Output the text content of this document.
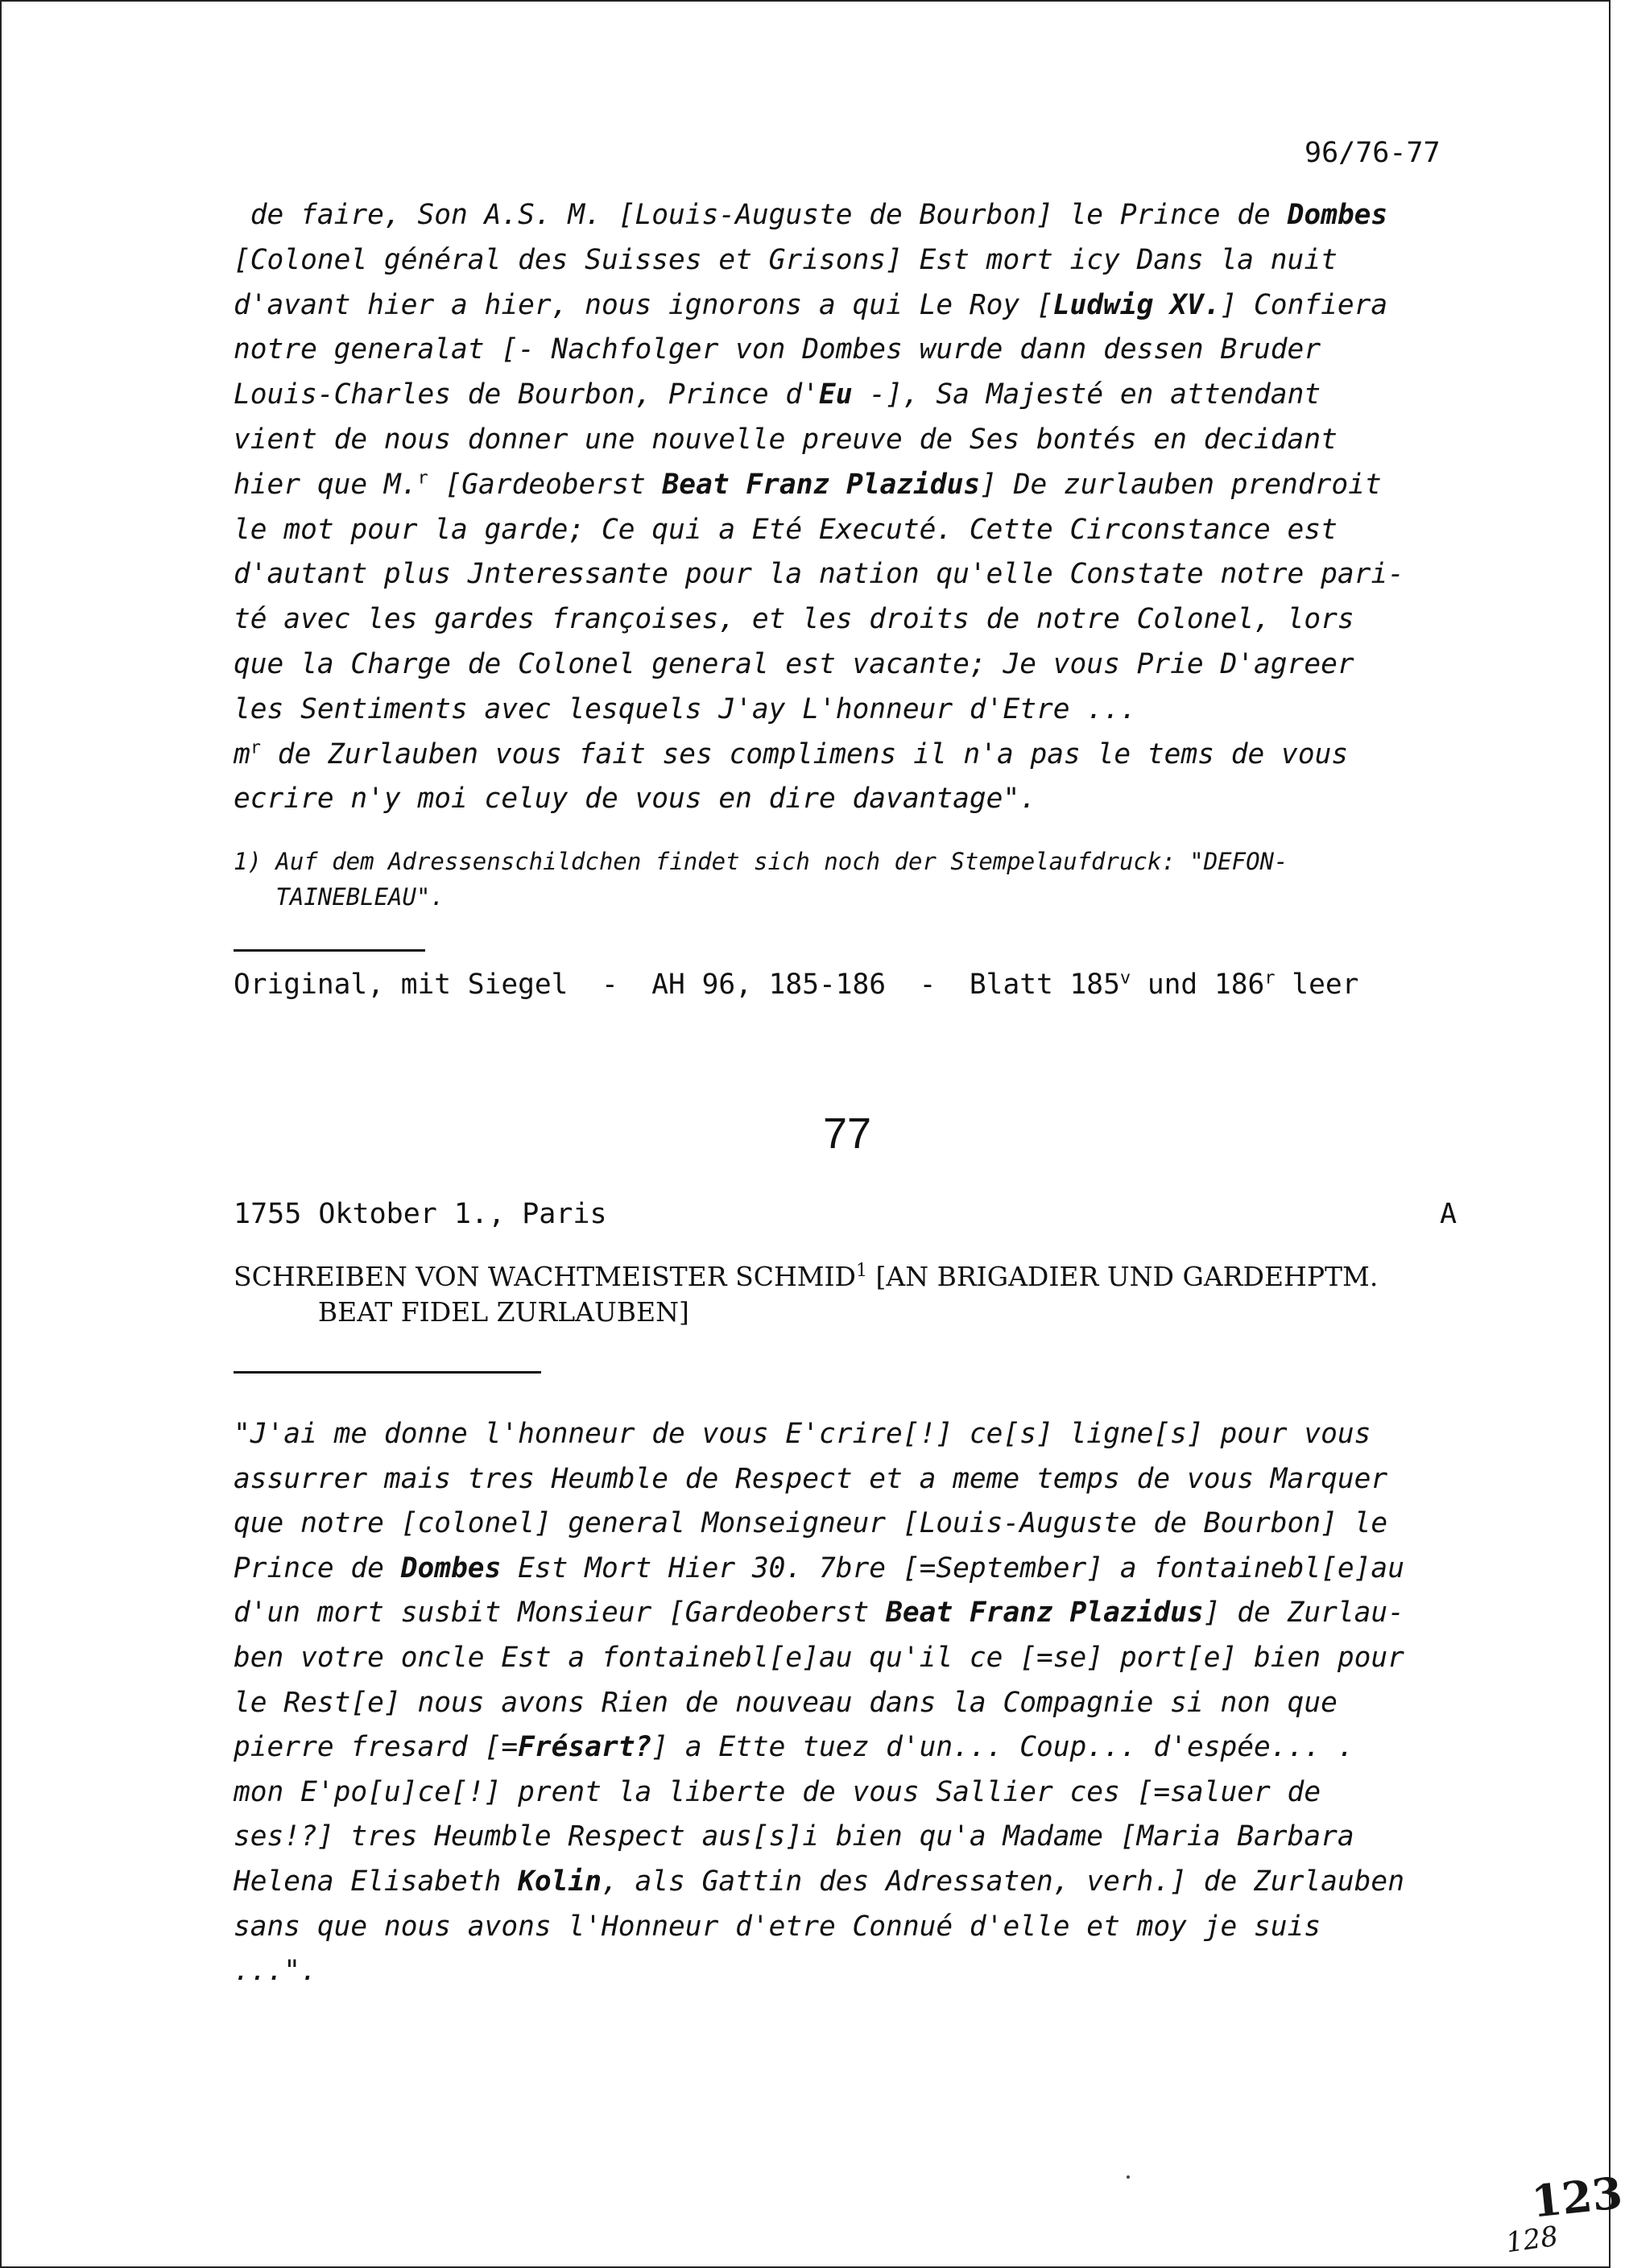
96/76-77
de faire, Son A.S. M. [Louis-Auguste de Bourbon] le Prince de Dombes
[Colonel général des Suisses et Grisons] Est mort icy Dans la nuit
d'avant hier a hier, nous ignorons a qui Le Roy [Ludwig XV.] Confiera
notre generalat [- Nachfolger von Dombes wurde dann dessen Bruder
Louis-Charles de Bourbon, Prince d'Eu -], Sa Majesté en attendant
vient de nous donner une nouvelle preuve de Ses bontés en decidant
hier que M.$^r$ [Gardeoberst Beat Franz Plazidus] De zurlauben prendroit
le mot pour la garde; Ce qui a Eté Executé. Cette Circonstance est
d'autant plus Jnteressante pour la nation qu'elle Constate notre pari-
té avec les gardes françoises, et les droits de notre Colonel, lors
que la Charge de Colonel general est vacante; Je vous Prie D'agreer
les Sentiments avec lesquels J'ay L'honneur d'Etre ...
$m^r$ de Zurlauben vous fait ses complimens il n'a pas le tems de vous
ecrire n'y moi celuy de vous en dire davantage".
1) Auf dem Adressenschildchen findet sich noch der Stempelaufdruck: "DEFON-
TAINEBLEAU".
Original, mit Siegel  -  AH 96, 185-186  -  Blatt 185$^v$ und 186$^r$ leer
77
1755 Oktober 1., Paris	A
SCHREIBEN VON WACHTMEISTER SCHMID$^1$ [AN BRIGADIER UND GARDEHPTM.
BEAT FIDEL ZURLAUBEN]
"J'ai me donne l'honneur de vous E'crire[!] ce[s] ligne[s] pour vous
assurrer mais tres Heumble de Respect et a meme temps de vous Marquer
que notre [colonel] general Monseigneur [Louis-Auguste de Bourbon] le
Prince de Dombes Est Mort Hier 30. 7bre [=September] a fontainebl[e]au
d'un mort susbit Monsieur [Gardeoberst Beat Franz Plazidus] de Zurlau-
ben votre oncle Est a fontainebl[e]au qu'il ce [=se] port[e] bien pour
le Rest[e] nous avons Rien de nouveau dans la Compagnie si non que
pierre fresard [=Frésart?] a Ette tuez d'un... Coup... d'espée... .
mon E'po[u]ce[!] prent la liberte de vous Sallier ces [=saluer de
ses!?] tres Heumble Respect aus[s]i bien qu'a Madame [Maria Barbara
Helena Elisabeth Kolin, als Gattin des Adressaten, verh.] de Zurlauben
sans que nous avons l'Honneur d'etre Connué d'elle et moy je suis
...".
123
128
